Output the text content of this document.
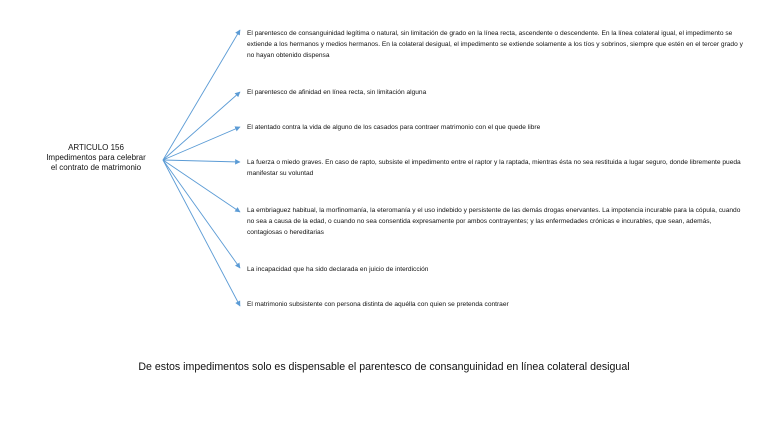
ARTICULO 156
Impedimentos para celebrar
el contrato de matrimonio
El parentesco de consanguinidad legítima o natural, sin limitación de grado en la línea recta, ascendente o descendente. En la línea colateral igual, el impedimento se extiende a los hermanos y medios hermanos. En la colateral desigual, el impedimento se extiende solamente a los tíos y sobrinos, siempre que estén en el tercer grado y no hayan obtenido dispensa
El parentesco de afinidad en línea recta, sin limitación alguna
El atentado contra la vida de alguno de los casados para contraer matrimonio con el que quede libre
La fuerza o miedo graves. En caso de rapto, subsiste el impedimento entre el raptor y la raptada, mientras ésta no sea restituida a lugar seguro, donde libremente pueda manifestar su voluntad
La embriaguez habitual, la morfinomanía, la eteromanía y el uso indebido y persistente de las demás drogas enervantes. La impotencia incurable para la cópula, cuando no sea a causa de la edad, o cuando no sea consentida expresamente por ambos contrayentes; y las enfermedades crónicas e incurables, que sean, además, contagiosas o hereditarias
La incapacidad que ha sido declarada en juicio de interdicción
El matrimonio subsistente con persona distinta de aquélla con quien se pretenda contraer
De estos impedimentos solo es dispensable el parentesco de consanguinidad en línea colateral desigual
